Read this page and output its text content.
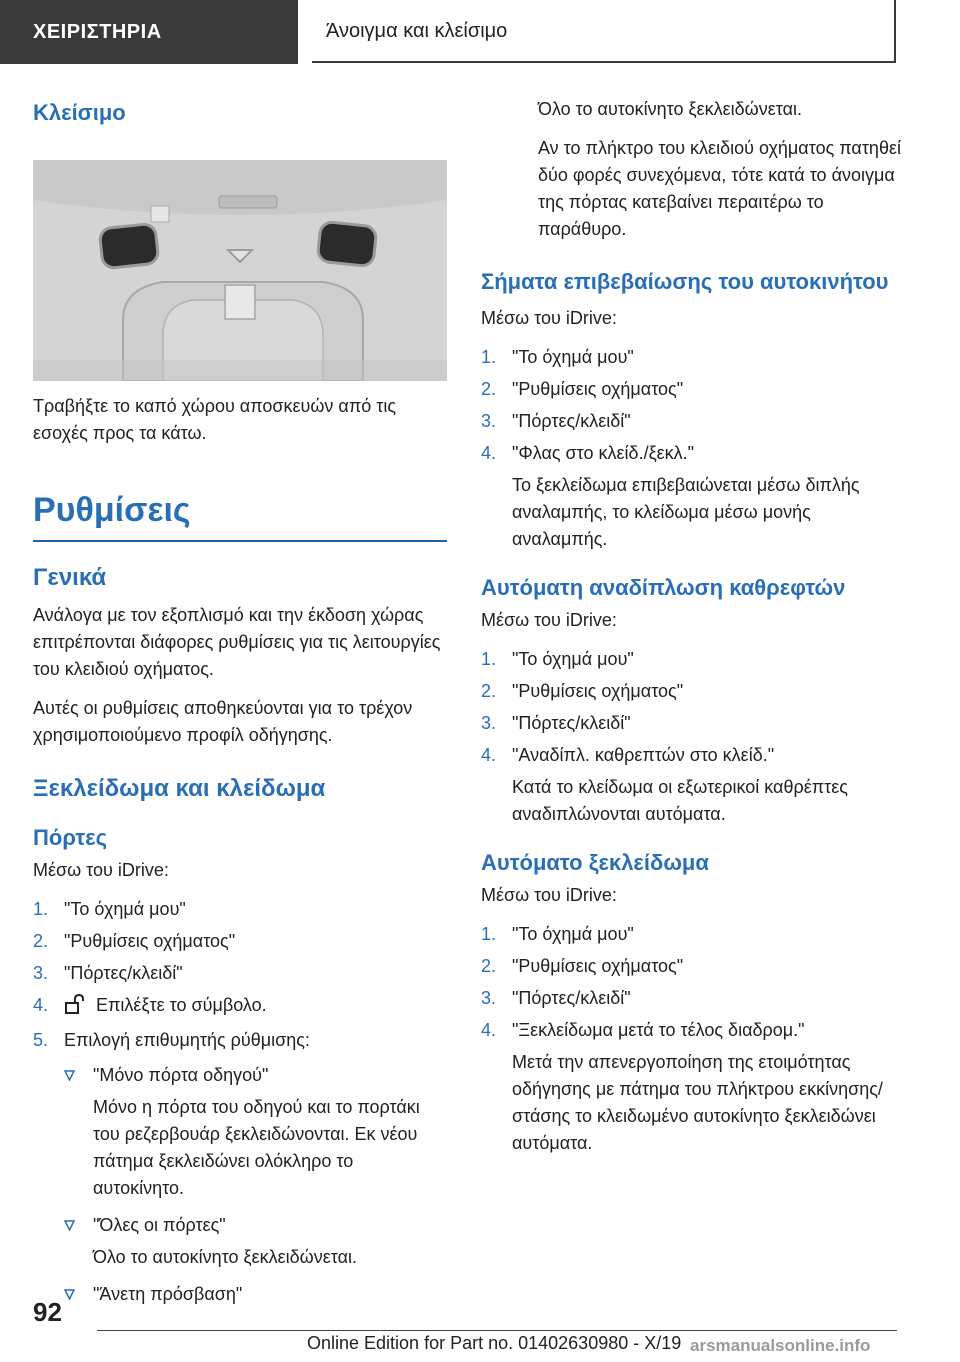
ΧΕΙΡΙΣΤΗΡΙΑ	Άνοιγμα και κλείσιμο
Κλείσιμο

Τραβήξτε το καπό χώρου αποσκευών από τις εσοχές προς τα κάτω.

Ρυθμίσεις
Γενικά

Ανάλογα με τον εξοπλισμό και την έκδοση χώρας επιτρέπονται διάφορες ρυθμίσεις για τις λειτουργίες του κλειδιού οχήματος.

Αυτές οι ρυθμίσεις αποθηκεύονται για το τρέχον χρησιμοποιούμενο προφίλ οδήγησης.

Ξεκλείδωμα και κλείδωμα
Πόρτες

Μέσω του iDrive:

1. "Το όχημά μου"
2. "Ρυθμίσεις οχήματος"
3. "Πόρτες/κλειδί"
4.	Επιλέξτε το σύμβολο.
5. Επιλογή επιθυμητής ρύθμισης:
"Μόνο πόρτα οδηγού"
Μόνο η πόρτα του οδηγού και το πορτάκι του ρεζερβουάρ ξεκλειδώνονται. Εκ νέου πάτημα ξεκλειδώνει ολόκληρο το αυτοκίνητο.
"Όλες οι πόρτες"
Όλο το αυτοκίνητο ξεκλειδώνεται.
"Άνετη πρόσβαση"

Όλο το αυτοκίνητο ξεκλειδώνεται.

Αν το πλήκτρο του κλειδιού οχήματος πατηθεί δύο φορές συνεχόμενα, τότε κατά το άνοιγμα της πόρτας κατεβαίνει περαιτέρω το παράθυρο.

Σήματα επιβεβαίωσης του αυτοκινήτου

Μέσω του iDrive:

1. "Το όχημά μου"
2. "Ρυθμίσεις οχήματος"
3. "Πόρτες/κλειδί"
4. "Φλας στο κλείδ./ξεκλ."
Το ξεκλείδωμα επιβεβαιώνεται μέσω διπλής αναλαμπής, το κλείδωμα μέσω μονής αναλαμπής.
Αυτόματη αναδίπλωση καθρεφτών

Μέσω του iDrive:

1. "Το όχημά μου"
2. "Ρυθμίσεις οχήματος"
3. "Πόρτες/κλειδί"
4. "Αναδίπλ. καθρεπτών στο κλείδ."
Κατά το κλείδωμα οι εξωτερικοί καθρέπτες αναδιπλώνονται αυτόματα.
Αυτόματο ξεκλείδωμα

Μέσω του iDrive:

1. "Το όχημά μου"
2. "Ρυθμίσεις οχήματος"
3. "Πόρτες/κλειδί"
4. "Ξεκλείδωμα μετά το τέλος διαδρομ."
Μετά την απενεργοποίηση της ετοιμότητας οδήγησης με πάτημα του πλήκτρου εκκίνησης/στάσης το κλειδωμένο αυτοκίνητο ξεκλειδώνει αυτόματα.
92
Online Edition for Part no. 01402630980 - X/19 arsmanualsonline.info
